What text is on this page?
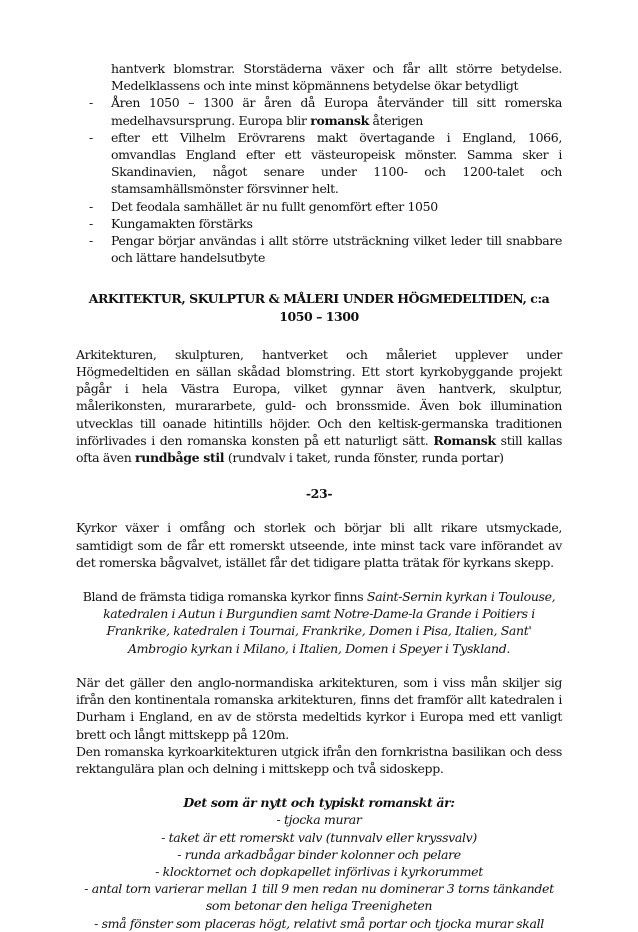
hantverk blomstrar. Storstäderna växer och får allt större betydelse. Medelklassens och inte minst köpmännens betydelse ökar betydligt
- Åren 1050 – 1300 är åren då Europa återvänder till sitt romerska medelhavsursprung. Europa blir romansk återigen
- efter ett Vilhelm Erövrarens makt övertagande i England, 1066, omvandlas England efter ett västeuropeisk mönster. Samma sker i Skandinavien, något senare under 1100- och 1200-talet och stamsamhällsmönster försvinner helt.
- Det feodala samhället är nu fullt genomfört efter 1050
- Kungamakten förstärks
- Pengar börjar användas i allt större utsträckning vilket leder till snabbare och lättare handelsutbyte
ARKITEKTUR, SKULPTUR & MÅLERI UNDER HÖGMEDELTIDEN, c:a 1050 – 1300

Arkitekturen, skulpturen, hantverket och måleriet upplever under Högmedeltiden en sällan skådad blomstring. Ett stort kyrkobyggande projekt pågår i hela Västra Europa, vilket gynnar även hantverk, skulptur, målerikonsten, murararbete, guld- och bronssmide. Även bok illumination utvecklas till oanade hitintills höjder. Och den keltisk-germanska traditionen införlivades i den romanska konsten på ett naturligt sätt. Romansk still kallas ofta även rundbåge stil (rundvalv i taket, runda fönster, runda portar)

-23-

Kyrkor växer i omfång och storlek och börjar bli allt rikare utsmyckade, samtidigt som de får ett romerskt utseende, inte minst tack vare införandet av det romerska bågvalvet, istället får det tidigare platta trätak för kyrkans skepp.

Bland de främsta tidiga romanska kyrkor finns Saint-Sernin kyrkan i Toulouse, katedralen i Autun i Burgundien samt Notre-Dame-la Grande i Poitiers i Frankrike, katedralen i Tournai, Frankrike, Domen i Pisa, Italien, Sant' Ambrogio kyrkan i Milano, i Italien, Domen i Speyer i Tyskland.

När det gäller den anglo-normandiska arkitekturen, som i viss mån skiljer sig ifrån den kontinentala romanska arkitekturen, finns det framför allt katedralen i Durham i England, en av de största medeltids kyrkor i Europa med ett vanligt brett och långt mittskepp på 120m.

Den romanska kyrkoarkitekturen utgick ifrån den fornkristna basilikan och dess rektangulära plan och delning i mittskepp och två sidoskepp.

Det som är nytt och typiskt romanskt är:
- tjocka murar
- taket är ett romerskt valv (tunnvalv eller kryssvalv)
- runda arkadbågar binder kolonner och pelare
- klocktornet och dopkapellet införlivas i kyrkorummet
- antal torn varierar mellan 1 till 9 men redan nu dominerar 3 torns tänkandet som betonar den heliga Treenigheten
- små fönster som placeras högt, relativt små portar och tjocka murar skall
